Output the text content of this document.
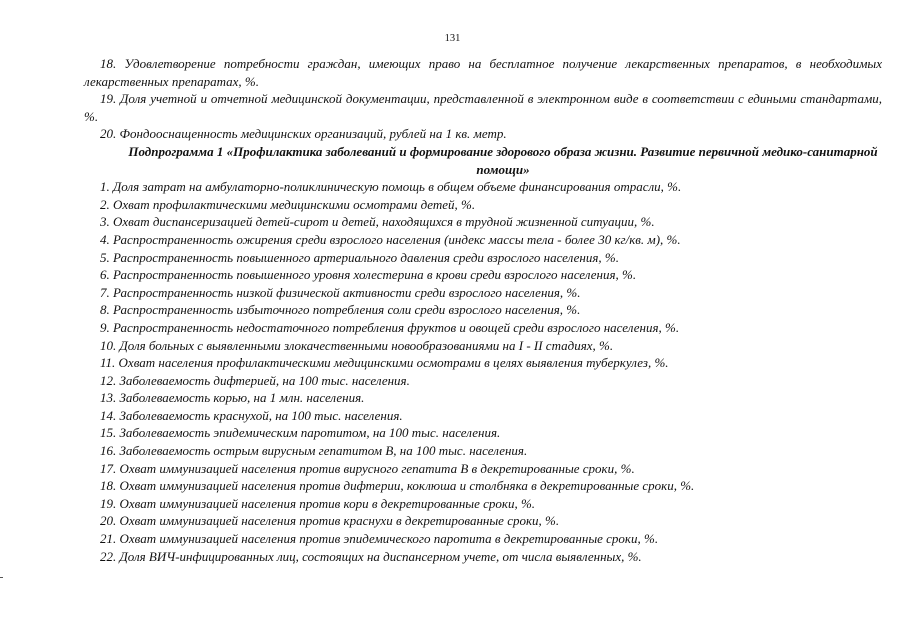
131

18. Удовлетворение потребности граждан, имеющих право на бесплатное получение лекарственных препаратов, в необходимых лекарственных препаратах, %.

19. Доля учетной и отчетной медицинской документации, представленной в электронном виде в соответствии с едиными стандартами, %.

20. Фондооснащенность медицинских организаций, рублей на 1 кв. метр.

Подпрограмма 1 «Профилактика заболеваний и формирование здорового образа жизни. Развитие первичной медико-санитарной помощи»

1. Доля затрат на амбулаторно-поликлиническую помощь в общем объеме финансирования отрасли, %.

2. Охват профилактическими медицинскими осмотрами детей, %.

3. Охват диспансеризацией детей-сирот и детей, находящихся в трудной жизненной ситуации, %.

4. Распространенность ожирения среди взрослого населения (индекс массы тела - более 30 кг/кв. м), %.

5. Распространенность повышенного артериального давления среди взрослого населения, %.

6. Распространенность повышенного уровня холестерина в крови среди взрослого населения, %.

7. Распространенность низкой физической активности среди взрослого населения, %.

8. Распространенность избыточного потребления соли среди взрослого населения, %.

9. Распространенность недостаточного потребления фруктов и овощей среди взрослого населения, %.

10. Доля больных с выявленными злокачественными новообразованиями на I - II стадиях, %.

11. Охват населения профилактическими медицинскими осмотрами в целях выявления туберкулез, %.

12. Заболеваемость дифтерией, на 100 тыс. населения.

13. Заболеваемость корью, на 1 млн. населения.

14. Заболеваемость краснухой, на 100 тыс. населения.

15. Заболеваемость эпидемическим паротитом, на 100 тыс. населения.

16. Заболеваемость острым вирусным гепатитом В, на 100 тыс. населения.

17. Охват иммунизацией населения против вирусного гепатита В в декретированные сроки, %.

18. Охват иммунизацией населения против дифтерии, коклюша и столбняка в декретированные сроки, %.

19. Охват иммунизацией населения против кори в декретированные сроки, %.

20. Охват иммунизацией населения против краснухи в декретированные сроки, %.

21. Охват иммунизацией населения против эпидемического паротита в декретированные сроки, %.

22. Доля ВИЧ-инфицированных лиц, состоящих на диспансерном учете, от числа выявленных, %.
